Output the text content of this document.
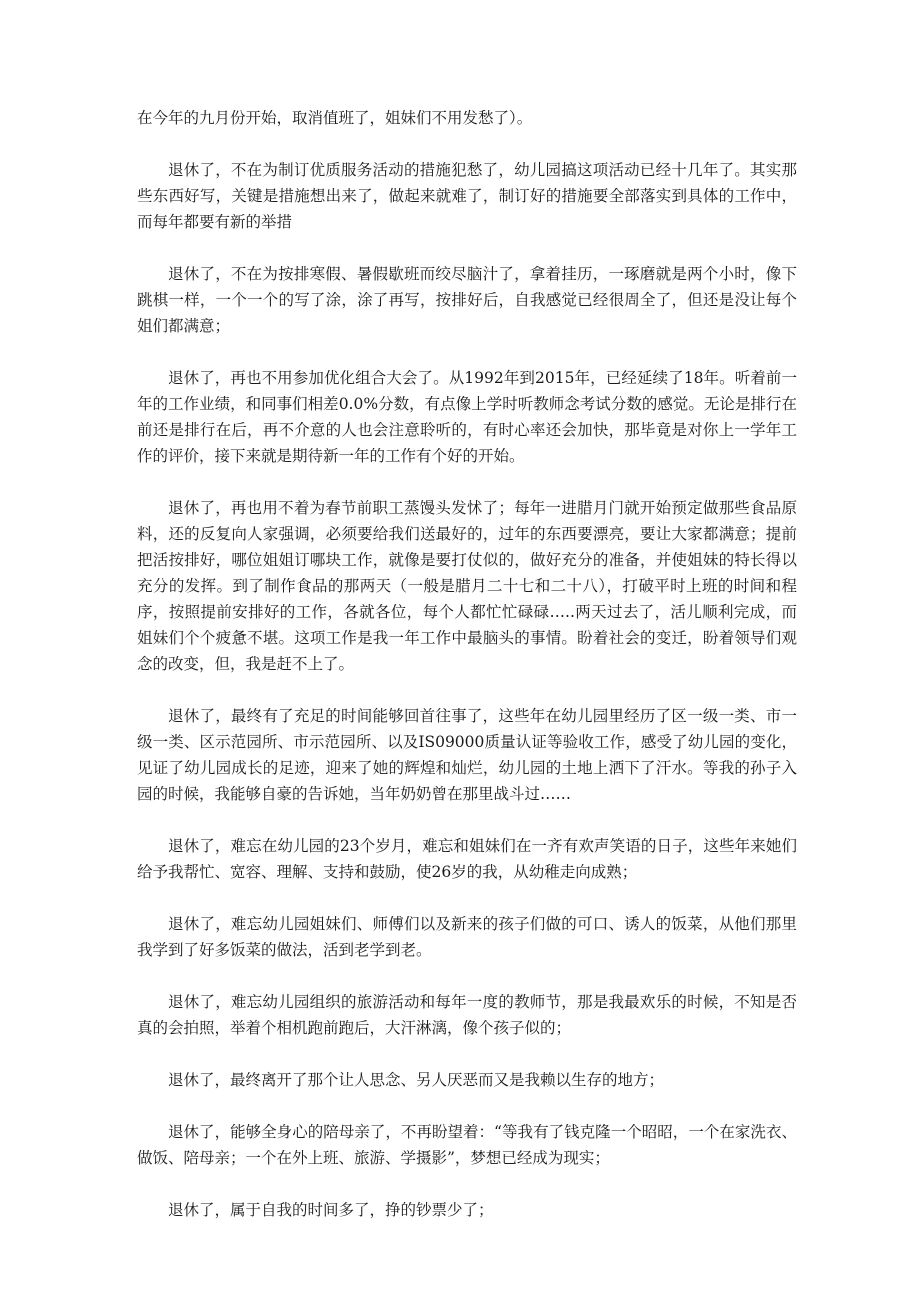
在今年的九月份开始，取消值班了，姐妹们不用发愁了）。

退休了，不在为制订优质服务活动的措施犯愁了，幼儿园搞这项活动已经十几年了。其实那些东西好写，关键是措施想出来了，做起来就难了，制订好的措施要全部落实到具体的工作中，而每年都要有新的举措

退休了，不在为按排寒假、暑假歇班而绞尽脑汁了，拿着挂历，一琢磨就是两个小时，像下跳棋一样，一个一个的写了涂，涂了再写，按排好后，自我感觉已经很周全了，但还是没让每个姐们都满意；

退休了，再也不用参加优化组合大会了。从1992年到2015年，已经延续了18年。听着前一年的工作业绩，和同事们相差0.0%分数，有点像上学时听教师念考试分数的感觉。无论是排行在前还是排行在后，再不介意的人也会注意聆听的，有时心率还会加快，那毕竟是对你上一学年工作的评价，接下来就是期待新一年的工作有个好的开始。

退休了，再也用不着为春节前职工蒸馒头发怵了；每年一进腊月门就开始预定做那些食品原料，还的反复向人家强调，必须要给我们送最好的，过年的东西要漂亮，要让大家都满意；提前把活按排好，哪位姐姐订哪块工作，就像是要打仗似的，做好充分的准备，并使姐妹的特长得以充分的发挥。到了制作食品的那两天（一般是腊月二十七和二十八），打破平时上班的时间和程序，按照提前安排好的工作，各就各位，每个人都忙忙碌碌…..两天过去了，活儿顺利完成，而姐妹们个个疲惫不堪。这项工作是我一年工作中最脑头的事情。盼着社会的变迁，盼着领导们观念的改变，但，我是赶不上了。

退休了，最终有了充足的时间能够回首往事了，这些年在幼儿园里经历了区一级一类、市一级一类、区示范园所、市示范园所、以及IS09000质量认证等验收工作，感受了幼儿园的变化，见证了幼儿园成长的足迹，迎来了她的辉煌和灿烂，幼儿园的土地上洒下了汗水。等我的孙子入园的时候，我能够自豪的告诉她，当年奶奶曾在那里战斗过……

退休了，难忘在幼儿园的23个岁月，难忘和姐妹们在一齐有欢声笑语的日子，这些年来她们给予我帮忙、宽容、理解、支持和鼓励，使26岁的我，从幼稚走向成熟；

退休了，难忘幼儿园姐妹们、师傅们以及新来的孩子们做的可口、诱人的饭菜，从他们那里我学到了好多饭菜的做法，活到老学到老。

退休了，难忘幼儿园组织的旅游活动和每年一度的教师节，那是我最欢乐的时候，不知是否真的会拍照，举着个相机跑前跑后，大汗淋漓，像个孩子似的；

退休了，最终离开了那个让人思念、另人厌恶而又是我赖以生存的地方；

退休了，能够全身心的陪母亲了，不再盼望着：“等我有了钱克隆一个昭昭，一个在家洗衣、做饭、陪母亲；一个在外上班、旅游、学摄影”，梦想已经成为现实；

退休了，属于自我的时间多了，挣的钞票少了；
